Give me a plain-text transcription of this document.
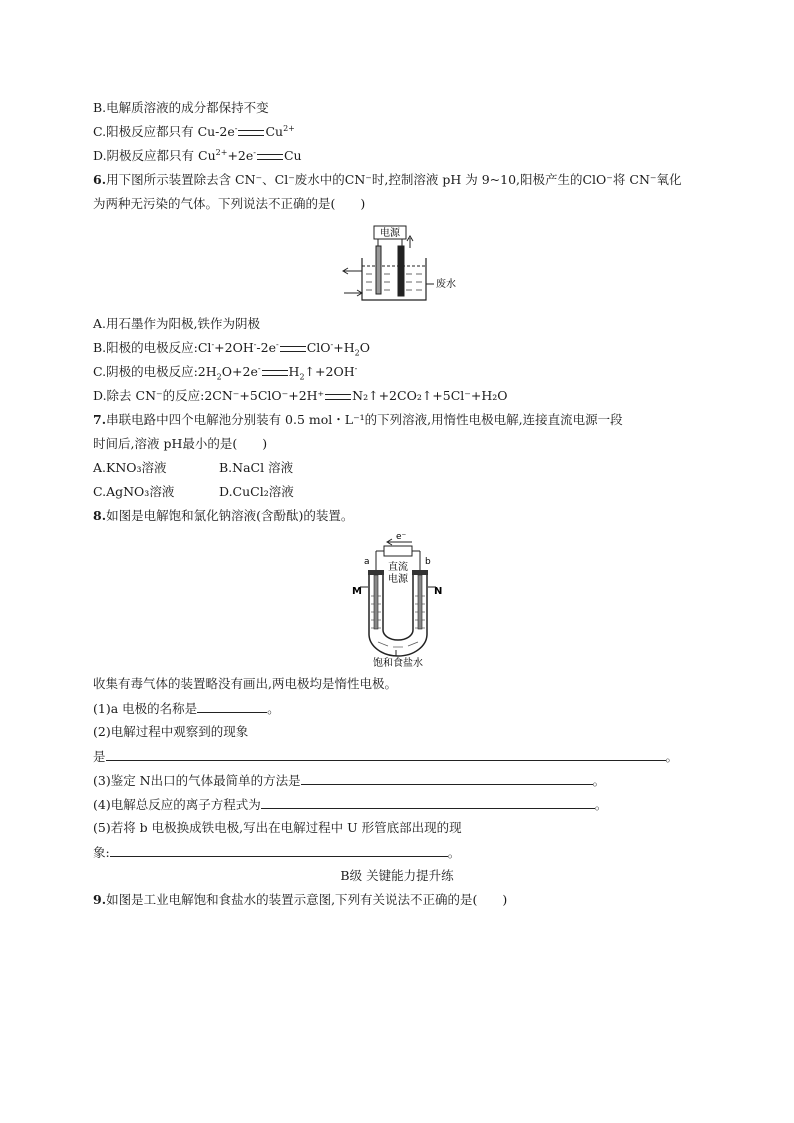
B.电解质溶液的成分都保持不变
C.阳极反应都只有 Cu-2e- $Cu^{2+}$
D.阴极反应都只有 $Cu^{2+}+2e^-$ Cu
6.用下图所示装置除去含 CN⁻、Cl⁻废水中的CN⁻时,控制溶液 pH 为 9~10,阳极产生的ClO⁻将 CN⁻氧化
为两种无污染的气体。下列说法不正确的是(　　)
电源
废水
A.用石墨作为阳极,铁作为阴极
B.阳极的电极反应:Cl-+2OH--2e- $ClO^-+H_2O$
C.阴极的电极反应$:2H_2O+2e^-$ $H_2↑+2OH^-$
D.除去 CN⁻的反应:2CN⁻+5ClO⁻+2H⁺ N₂↑+2CO₂↑+5Cl⁻+H₂O
7.串联电路中四个电解池分别装有 0.5 mol・L⁻¹的下列溶液,用惰性电极电解,连接直流电源一段
时间后,溶液 pH最小的是(　　)
A.KNO₃溶液	B.NaCl 溶液
C.AgNO₃溶液	D.CuCl₂溶液
8.如图是电解饱和氯化钠溶液(含酚酞)的装置。
e⁻
a	b
直流
电源
M	N
饱和食盐水
收集有毒气体的装置略没有画出,两电极均是惰性电极。
(1)a 电极的名称是	。
(2)电解过程中观察到的现象
是	。
(3)鉴定 N出口的气体最简单的方法是	。
(4)电解总反应的离子方程式为	。
(5)若将 b 电极换成铁电极,写出在电解过程中 U 形管底部出现的现
象:	。
B级 关键能力提升练
9.如图是工业电解饱和食盐水的装置示意图,下列有关说法不正确的是(　　)
